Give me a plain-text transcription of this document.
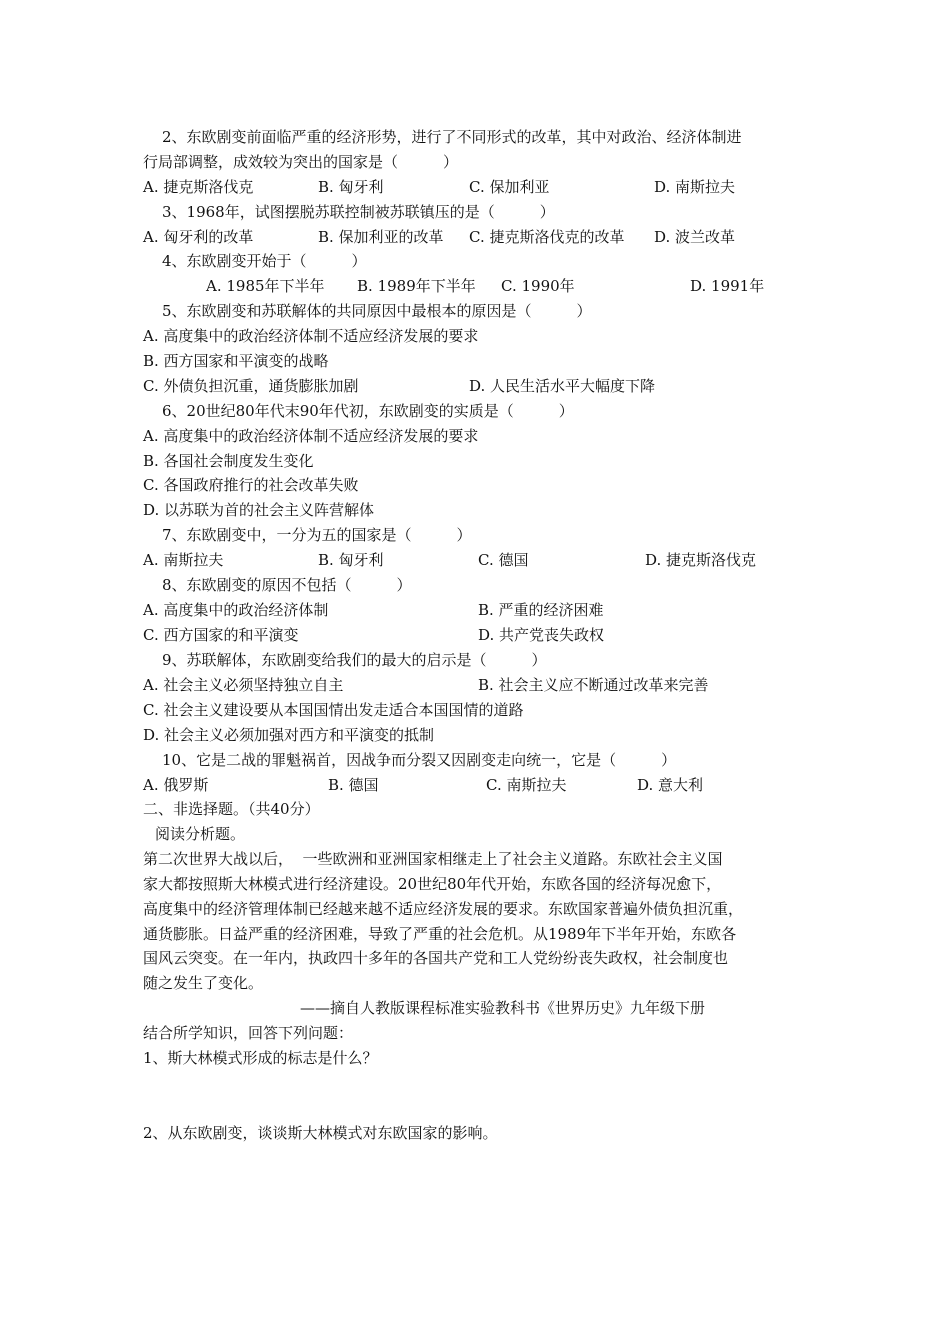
2、东欧剧变前面临严重的经济形势，进行了不同形式的改革，其中对政治、经济体制进
行局部调整，成效较为突出的国家是（　　　）
A. 捷克斯洛伐克	B. 匈牙利	C. 保加利亚	D. 南斯拉夫
3、1968年，试图摆脱苏联控制被苏联镇压的是（　　　）
A. 匈牙利的改革	B. 保加利亚的改革 C. 捷克斯洛伐克的改革 D. 波兰改革
4、东欧剧变开始于（　　　）
A. 1985年下半年 B. 1989年下半年 C. 1990年	D. 1991年
5、东欧剧变和苏联解体的共同原因中最根本的原因是（　　　）
A. 高度集中的政治经济体制不适应经济发展的要求
B. 西方国家和平演变的战略
C. 外债负担沉重，通货膨胀加剧	D. 人民生活水平大幅度下降
6、20世纪80年代末90年代初，东欧剧变的实质是（　　　）
A. 高度集中的政治经济体制不适应经济发展的要求
B. 各国社会制度发生变化
C. 各国政府推行的社会改革失败
D. 以苏联为首的社会主义阵营解体
7、东欧剧变中，一分为五的国家是（　　　）
A. 南斯拉夫	B. 匈牙利	C. 德国	D. 捷克斯洛伐克
8、东欧剧变的原因不包括（　　　）
A. 高度集中的政治经济体制	B. 严重的经济困难
C. 西方国家的和平演变	D. 共产党丧失政权
9、苏联解体，东欧剧变给我们的最大的启示是（　　　）
A. 社会主义必须坚持独立自主	B. 社会主义应不断通过改革来完善
C. 社会主义建设要从本国国情出发走适合本国国情的道路
D. 社会主义必须加强对西方和平演变的抵制
10、它是二战的罪魁祸首，因战争而分裂又因剧变走向统一，它是（　　　）
A. 俄罗斯	B. 德国	C. 南斯拉夫	D. 意大利
二、非选择题。（共40分）
阅读分析题。
第二次世界大战以后，  一些欧洲和亚洲国家相继走上了社会主义道路。东欧社会主义国
家大都按照斯大林模式进行经济建设。20世纪80年代开始，东欧各国的经济每况愈下，
高度集中的经济管理体制已经越来越不适应经济发展的要求。东欧国家普遍外债负担沉重，
通货膨胀。日益严重的经济困难，导致了严重的社会危机。从1989年下半年开始，东欧各
国风云突变。在一年内，执政四十多年的各国共产党和工人党纷纷丧失政权，社会制度也
随之发生了变化。
——摘自人教版课程标准实验教科书《世界历史》九年级下册
结合所学知识，回答下列问题：
1、斯大林模式形成的标志是什么？
2、从东欧剧变，谈谈斯大林模式对东欧国家的影响。
